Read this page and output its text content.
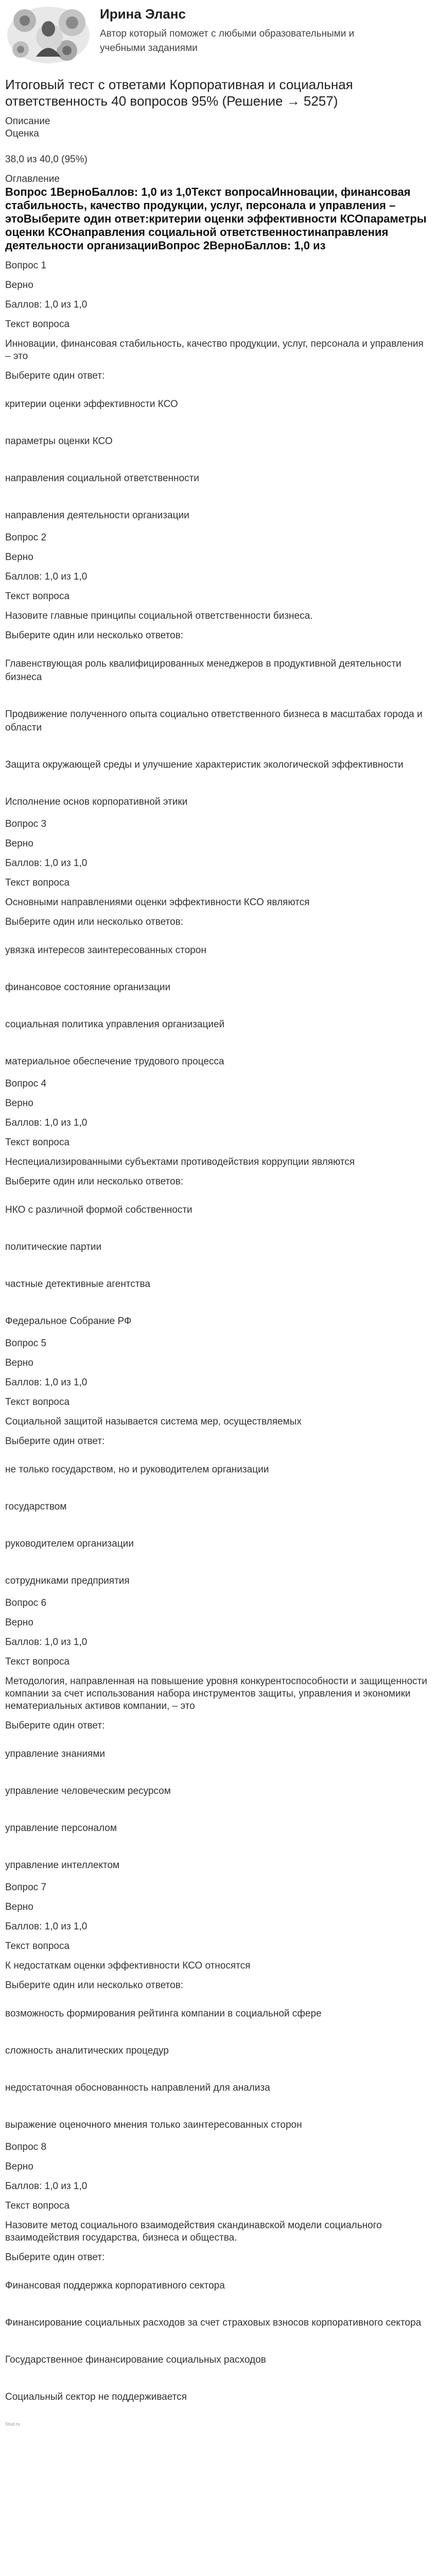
Ирина Эланс

Автор который поможет с любыми образовательными и учебными заданиями

Итоговый тест с ответами Корпоративная и социальная ответственность 40 вопросов 95% (Решение → 5257)

Описание

Оценка

38,0 из 40,0 (95%)

Оглавление

Вопрос 1ВерноБаллов: 1,0 из 1,0Текст вопросаИнновации, финансовая стабильность, качество продукции, услуг, персонала и управления – этоВыберите один ответ:критерии оценки эффективности КСОпараметры оценки КСОнаправления социальной ответственностинаправления деятельности организацииВопрос 2ВерноБаллов: 1,0 из

Вопрос 1

Верно

Баллов: 1,0 из 1,0

Текст вопроса

Инновации, финансовая стабильность, качество продукции, услуг, персонала и управления – это

Выберите один ответ:

критерии оценки эффективности КСО

параметры оценки КСО

направления социальной ответственности

направления деятельности организации

Вопрос 2

Верно

Баллов: 1,0 из 1,0

Текст вопроса

Назовите главные принципы социальной ответственности бизнеса.

Выберите один или несколько ответов:

Главенствующая роль квалифицированных менеджеров в продуктивной деятельности бизнеса

Продвижение полученного опыта социально ответственного бизнеса в масштабах города и области

Защита окружающей среды и улучшение характеристик экологической эффективности

Исполнение основ корпоративной этики

Вопрос 3

Верно

Баллов: 1,0 из 1,0

Текст вопроса

Основными направлениями оценки эффективности КСО являются

Выберите один или несколько ответов:

увязка интересов заинтересованных сторон

финансовое состояние организации

социальная политика управления организацией

материальное обеспечение трудового процесса

Вопрос 4

Верно

Баллов: 1,0 из 1,0

Текст вопроса

Неспециализированными субъектами противодействия коррупции являются

Выберите один или несколько ответов:

НКО с различной формой собственности

политические партии

частные детективные агентства

Федеральное Собрание РФ

Вопрос 5

Верно

Баллов: 1,0 из 1,0

Текст вопроса

Социальной защитой называется система мер, осуществляемых

Выберите один ответ:

не только государством, но и руководителем организации

государством

руководителем организации

сотрудниками предприятия

Вопрос 6

Верно

Баллов: 1,0 из 1,0

Текст вопроса

Методология, направленная на повышение уровня конкурентоспособности и защищенности компании за счет использования набора инструментов защиты, управления и экономики нематериальных активов компании, – это

Выберите один ответ:

управление знаниями

управление человеческим ресурсом

управление персоналом

управление интеллектом

Вопрос 7

Верно

Баллов: 1,0 из 1,0

Текст вопроса

К недостаткам оценки эффективности КСО относятся

Выберите один или несколько ответов:

возможность формирования рейтинга компании в социальной сфере

сложность аналитических процедур

недостаточная обоснованность направлений для анализа

выражение оценочного мнения только заинтересованных сторон

Вопрос 8

Верно

Баллов: 1,0 из 1,0

Текст вопроса

Назовите метод социального взаимодействия скандинавской модели социального взаимодействия государства, бизнеса и общества.

Выберите один ответ:

Финансовая поддержка корпоративного сектора

Финансирование социальных расходов за счет страховых взносов корпоративного сектора

Государственное финансирование социальных расходов

Социальный сектор не поддерживается

Stud.ru
